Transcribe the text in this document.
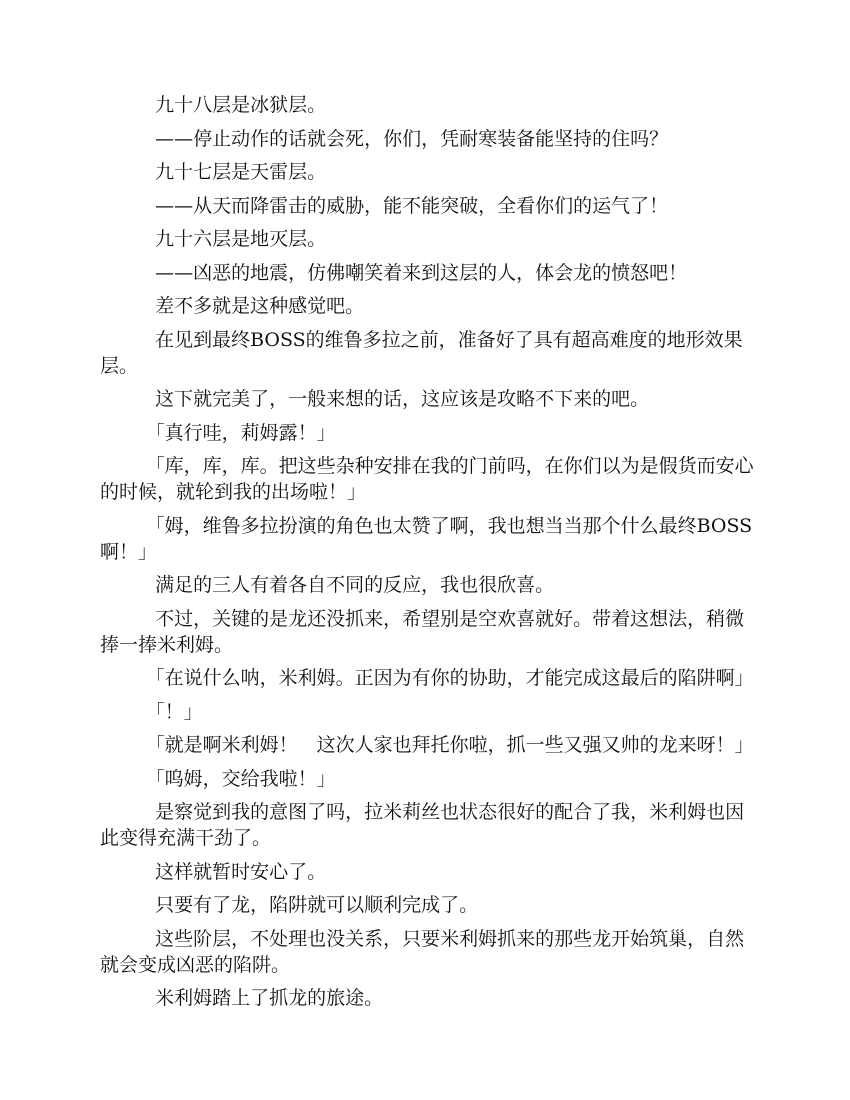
九十八层是冰狱层。

——停止动作的话就会死，你们，凭耐寒装备能坚持的住吗？

九十七层是天雷层。

——从天而降雷击的威胁，能不能突破，全看你们的运气了！

九十六层是地灭层。

——凶恶的地震，仿佛嘲笑着来到这层的人，体会龙的愤怒吧！

差不多就是这种感觉吧。

在见到最终BOSS的维鲁多拉之前，准备好了具有超高难度的地形效果层。

这下就完美了，一般来想的话，这应该是攻略不下来的吧。

「真行哇，莉姆露！」

「库，库，库。把这些杂种安排在我的门前吗，在你们以为是假货而安心的时候，就轮到我的出场啦！」

「姆，维鲁多拉扮演的角色也太赞了啊，我也想当当那个什么最终BOSS啊！」

满足的三人有着各自不同的反应，我也很欣喜。

不过，关键的是龙还没抓来，希望别是空欢喜就好。带着这想法，稍微捧一捧米利姆。

「在说什么呐，米利姆。正因为有你的协助，才能完成这最后的陷阱啊」

「！」

「就是啊米利姆！　这次人家也拜托你啦，抓一些又强又帅的龙来呀！」

「呜姆，交给我啦！」

是察觉到我的意图了吗，拉米莉丝也状态很好的配合了我，米利姆也因此变得充满干劲了。

这样就暂时安心了。

只要有了龙，陷阱就可以顺利完成了。

这些阶层，不处理也没关系，只要米利姆抓来的那些龙开始筑巢，自然就会变成凶恶的陷阱。

米利姆踏上了抓龙的旅途。
